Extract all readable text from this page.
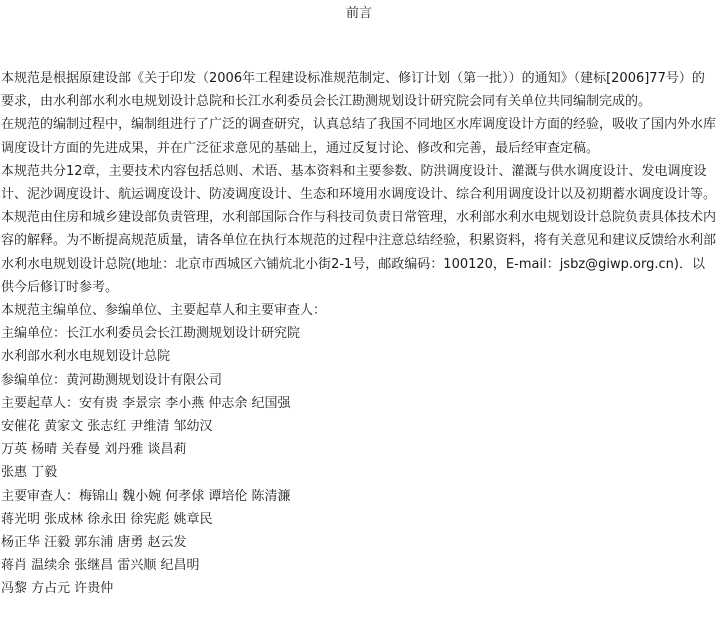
前言

本规范是根据原建设部《关于印发（2006年工程建设标准规范制定、修订计划（第一批））的通知》（建标[2006]77号）的要求，由水利部水利水电规划设计总院和长江水利委员会长江勘测规划设计研究院会同有关单位共同编制完成的。

在规范的编制过程中，编制组进行了广泛的调查研究，认真总结了我国不同地区水库调度设计方面的经验，吸收了国内外水库调度设计方面的先进成果，并在广泛征求意见的基础上，通过反复讨论、修改和完善，最后经审查定稿。

本规范共分12章，主要技术内容包括总则、术语、基本资料和主要参数、防洪调度设计、灌溉与供水调度设计、发电调度设计、泥沙调度设计、航运调度设计、防凌调度设计、生态和环境用水调度设计、综合利用调度设计以及初期蓄水调度设计等。

本规范由住房和城乡建设部负责管理，水利部国际合作与科技司负责日常管理，水利部水利水电规划设计总院负责具体技术内容的解释。为不断提高规范质量，请各单位在执行本规范的过程中注意总结经验，积累资料，将有关意见和建议反馈给水利部水利水电规划设计总院(地址：北京市西城区六铺炕北小街2-1号，邮政编码：100120，E-mail：jsbz@giwp.org.cn)．以供今后修订时参考。

本规范主编单位、参编单位、主要起草人和主要审查人：

主编单位：长江水利委员会长江勘测规划设计研究院

水利部水利水电规划设计总院

参编单位：黄河勘测规划设计有限公司

主要起草人：安有贵 李景宗 李小燕 仲志余 纪国强

安催花 黄家文 张志红 尹维清 邹幼汉

万英 杨晴 关春曼 刘丹雅 谈昌莉

张惠 丁毅

主要审查人：梅锦山 魏小婉 何孝俅 谭培伦 陈清濂

蒋光明 张成林 徐永田 徐宪彪 姚章民

杨正华 汪毅 郭东浦 唐勇 赵云发

蒋肖 温续余 张继昌 雷兴顺 纪昌明

冯黎 方占元 许贵仲
